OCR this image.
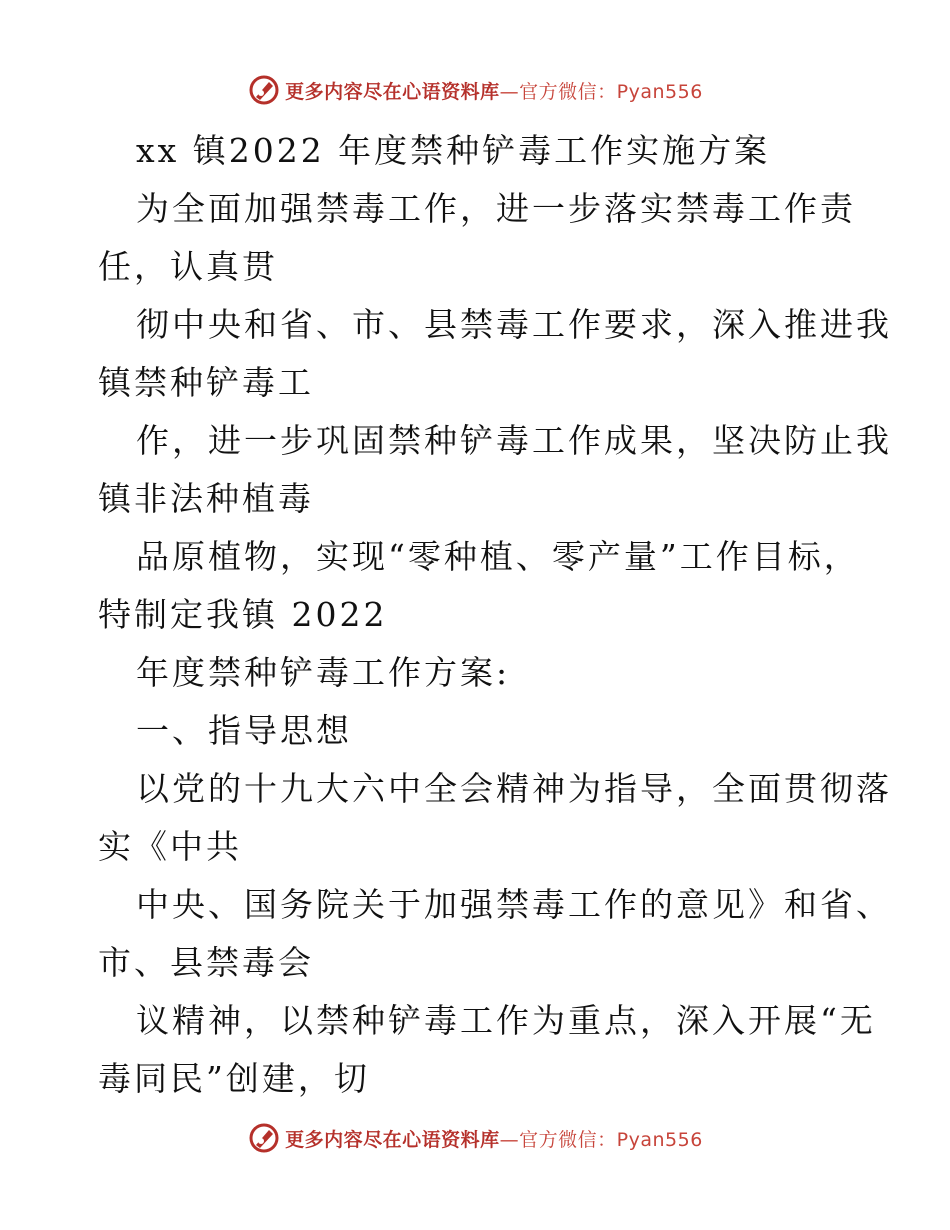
更多内容尽在心语资料库—官方微信：Pyan556
xx 镇2022 年度禁种铲毒工作实施方案
为全面加强禁毒工作，进一步落实禁毒工作责
任，认真贯
彻中央和省、市、县禁毒工作要求，深入推进我
镇禁种铲毒工
作，进一步巩固禁种铲毒工作成果，坚决防止我
镇非法种植毒
品原植物，实现“零种植、零产量”工作目标，
特制定我镇 2022
年度禁种铲毒工作方案:
一、指导思想
以党的十九大六中全会精神为指导，全面贯彻落
实《中共
中央、国务院关于加强禁毒工作的意见》和省、
市、县禁毒会
议精神，以禁种铲毒工作为重点，深入开展“无
毒同民”创建，切
更多内容尽在心语资料库—官方微信：Pyan556
